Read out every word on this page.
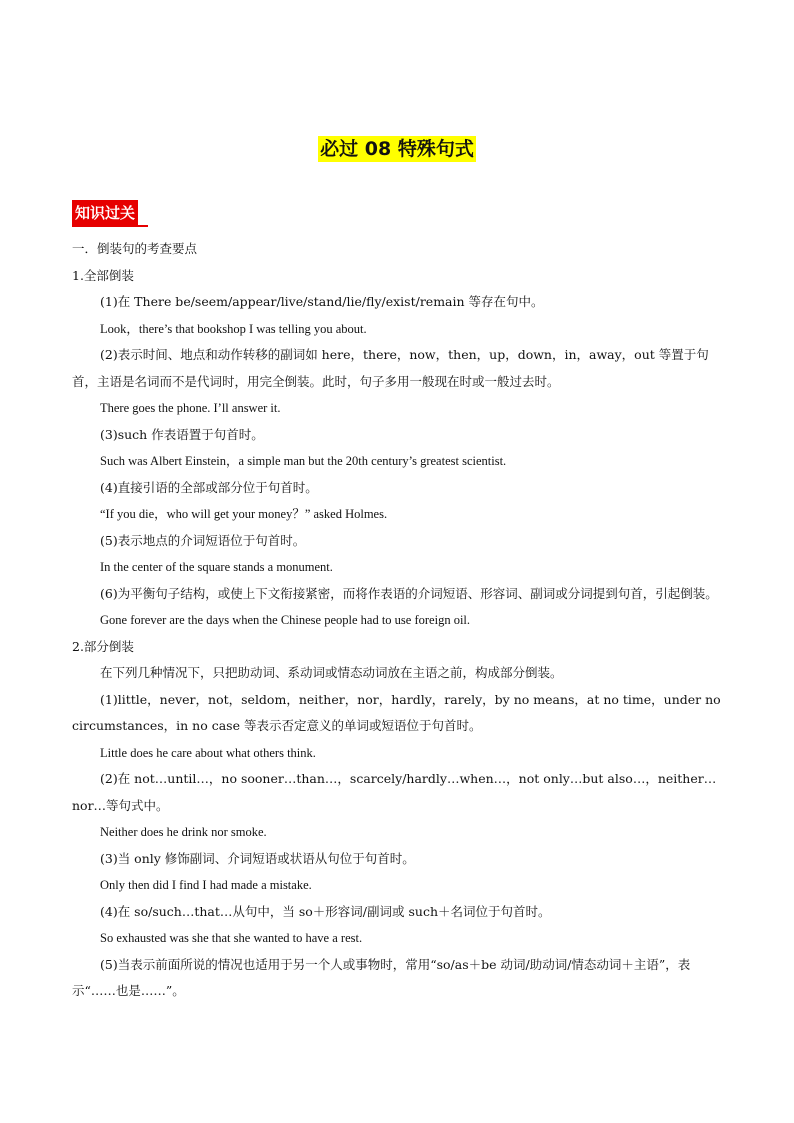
必过 08 特殊句式
知识过关

一．倒装句的考查要点

1.全部倒装

(1)在 There be/seem/appear/live/stand/lie/fly/exist/remain 等存在句中。

Look，there’s that bookshop I was telling you about.

(2)表示时间、地点和动作转移的副词如 here，there，now，then，up，down，in，away，out 等置于句首，主语是名词而不是代词时，用完全倒装。此时，句子多用一般现在时或一般过去时。

There goes the phone. I’ll answer it.

(3)such 作表语置于句首时。

Such was Albert Einstein，a simple man but the 20th century’s greatest scientist.

(4)直接引语的全部或部分位于句首时。

“If you die，who will get your money？” asked Holmes.

(5)表示地点的介词短语位于句首时。

In the center of the square stands a monument.

(6)为平衡句子结构，或使上下文衔接紧密，而将作表语的介词短语、形容词、副词或分词提到句首，引起倒装。

Gone forever are the days when the Chinese people had to use foreign oil.

2.部分倒装

在下列几种情况下，只把助动词、系动词或情态动词放在主语之前，构成部分倒装。

(1)little，never，not，seldom，neither，nor，hardly，rarely，by no means，at no time，under no circumstances，in no case 等表示否定意义的单词或短语位于句首时。

Little does he care about what others think.

(2)在 not…until…，no sooner…than…，scarcely/hardly…when…，not only…but also…，neither…nor…等句式中。

Neither does he drink nor smoke.

(3)当 only 修饰副词、介词短语或状语从句位于句首时。

Only then did I find I had made a mistake.

(4)在 so/such…that…从句中，当 so＋形容词/副词或 such＋名词位于句首时。

So exhausted was she that she wanted to have a rest.

(5)当表示前面所说的情况也适用于另一个人或事物时，常用“so/as＋be 动词/助动词/情态动词＋主语”，表示“……也是……”。
